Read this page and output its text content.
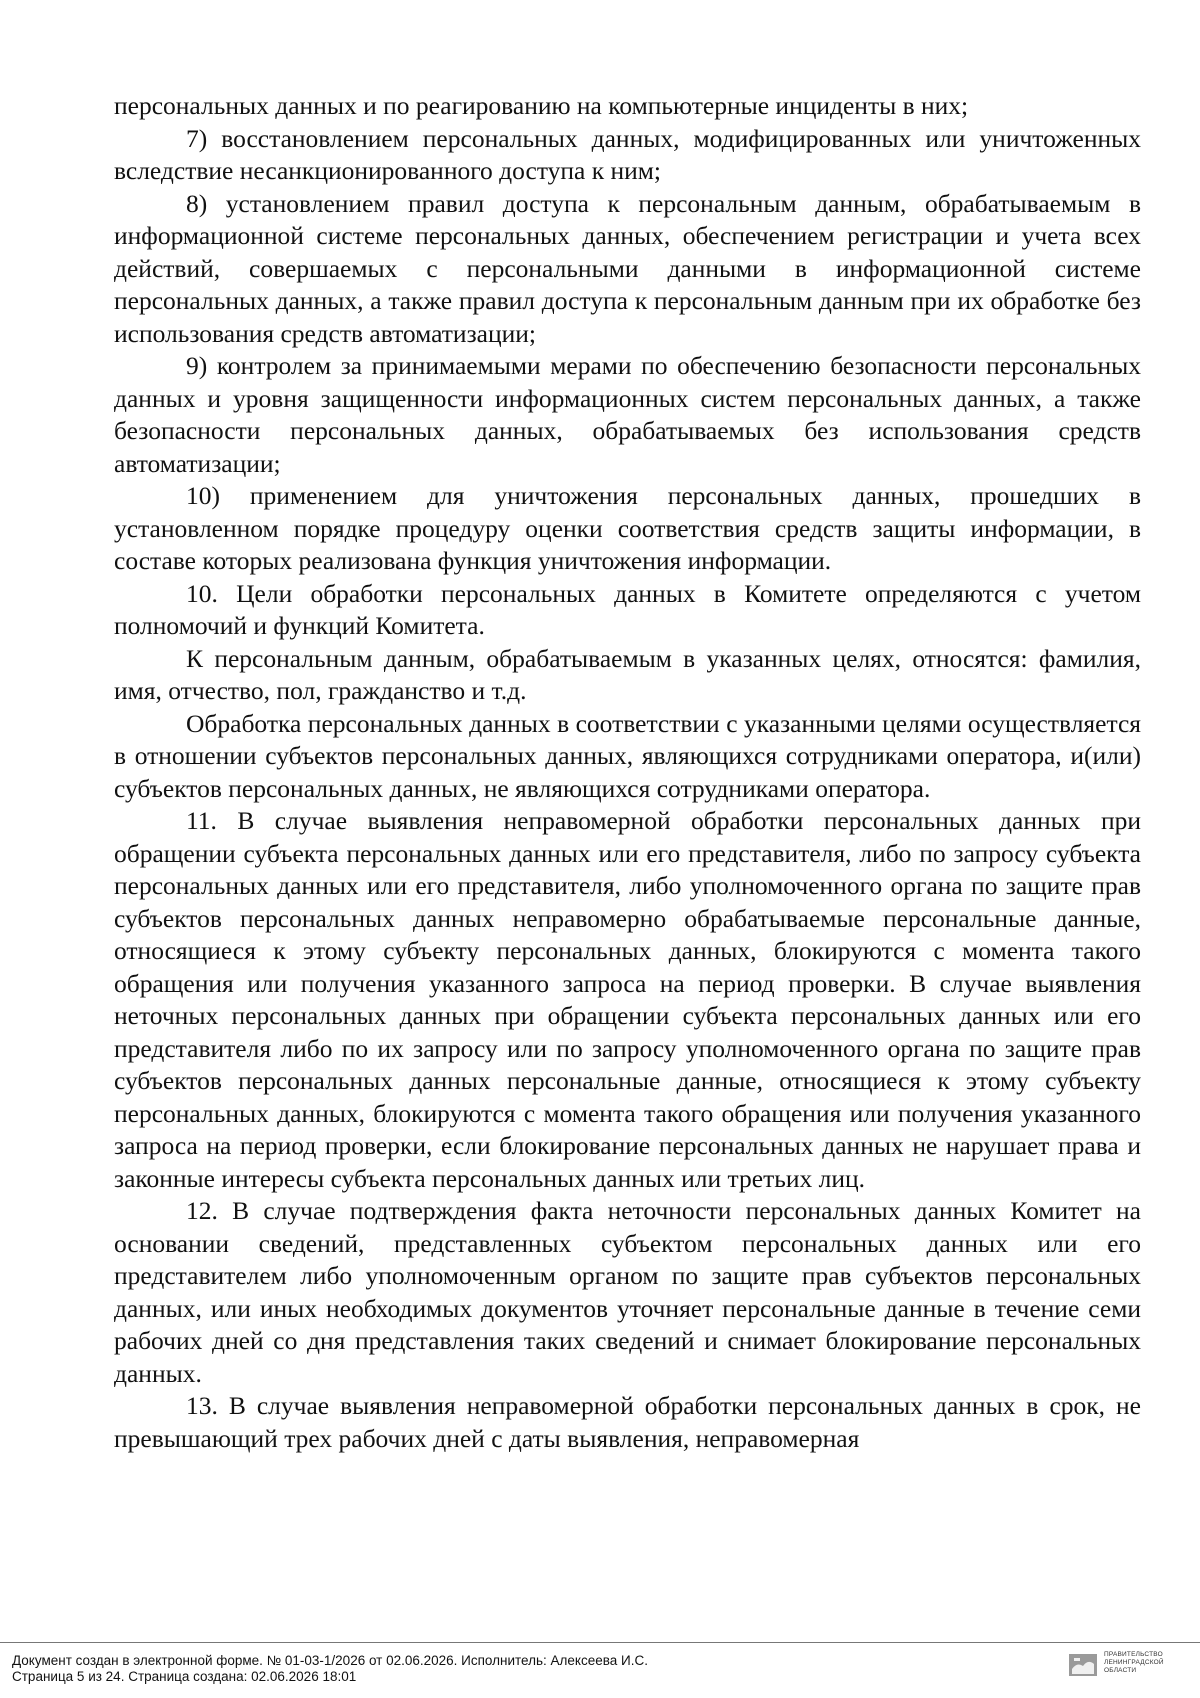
персональных данных и по реагированию на компьютерные инциденты в них;

7) восстановлением персональных данных, модифицированных или уничтоженных вследствие несанкционированного доступа к ним;

8) установлением правил доступа к персональным данным, обрабатываемым в информационной системе персональных данных, обеспечением регистрации и учета всех действий, совершаемых с персональными данными в информационной системе персональных данных, а также правил доступа к персональным данным при их обработке без использования средств автоматизации;

9) контролем за принимаемыми мерами по обеспечению безопасности персональных данных и уровня защищенности информационных систем персональных данных, а также безопасности персональных данных, обрабатываемых без использования средств автоматизации;

10) применением для уничтожения персональных данных, прошедших в установленном порядке процедуру оценки соответствия средств защиты информации, в составе которых реализована функция уничтожения информации.

10. Цели обработки персональных данных в Комитете определяются с учетом полномочий и функций Комитета.

К персональным данным, обрабатываемым в указанных целях, относятся: фамилия, имя, отчество, пол, гражданство и т.д.

Обработка персональных данных в соответствии с указанными целями осуществляется в отношении субъектов персональных данных, являющихся сотрудниками оператора, и(или) субъектов персональных данных, не являющихся сотрудниками оператора.

11. В случае выявления неправомерной обработки персональных данных при обращении субъекта персональных данных или его представителя, либо по запросу субъекта персональных данных или его представителя, либо уполномоченного органа по защите прав субъектов персональных данных неправомерно обрабатываемые персональные данные, относящиеся к этому субъекту персональных данных, блокируются с момента такого обращения или получения указанного запроса на период проверки. В случае выявления неточных персональных данных при обращении субъекта персональных данных или его представителя либо по их запросу или по запросу уполномоченного органа по защите прав субъектов персональных данных персональные данные, относящиеся к этому субъекту персональных данных, блокируются с момента такого обращения или получения указанного запроса на период проверки, если блокирование персональных данных не нарушает права и законные интересы субъекта персональных данных или третьих лиц.

12. В случае подтверждения факта неточности персональных данных Комитет на основании сведений, представленных субъектом персональных данных или его представителем либо уполномоченным органом по защите прав субъектов персональных данных, или иных необходимых документов уточняет персональные данные в течение семи рабочих дней со дня представления таких сведений и снимает блокирование персональных данных.

13. В случае выявления неправомерной обработки персональных данных в срок, не превышающий трех рабочих дней с даты выявления, неправомерная

Документ создан в электронной форме. № 01-03-1/2026 от 02.06.2026. Исполнитель: Алексеева И.С.
Страница 5 из 24. Страница создана: 02.06.2026 18:01
ПРАВИТЕЛЬСТВО
ЛЕНИНГРАДСКОЙ
ОБЛАСТИ
